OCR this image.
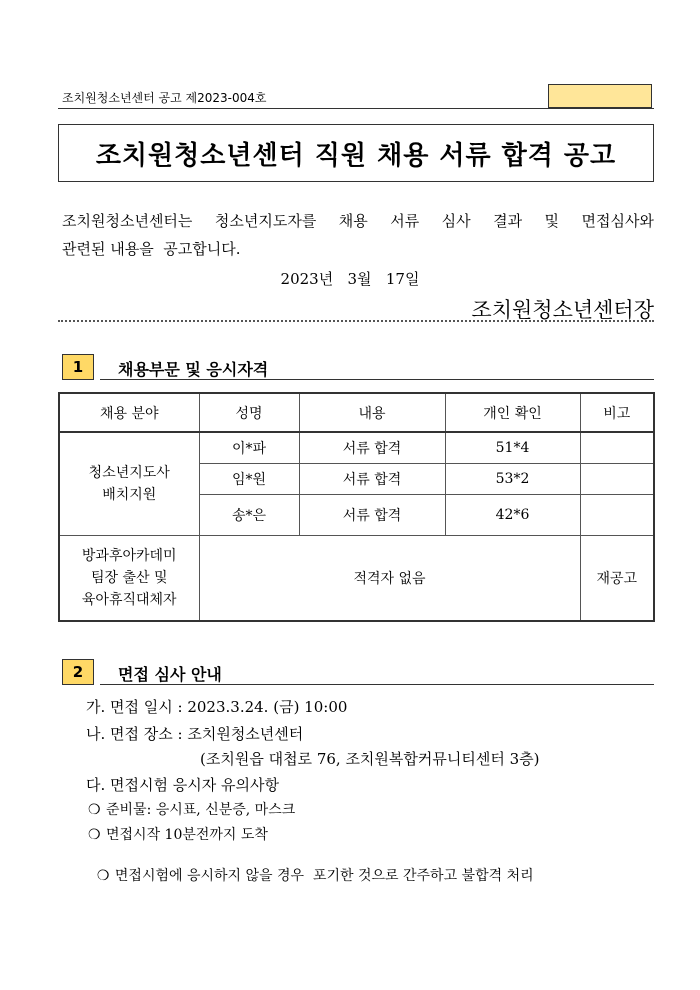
조치원청소년센터 공고 제2023-004호
조치원청소년센터 직원 채용 서류 합격 공고
조치원청소년센터는 청소년지도자를 채용 서류 심사 결과 및 면접심사와
관련된 내용을  공고합니다.
2023년   3월   17일
조치원청소년센터장
1	채용부문 및 응시자격
채용 분야	성명	내용	개인 확인	비고

청소년지도사
배치지원	이*파	서류 합격	51*4	
	임*원	서류 합격	53*2	
	송*은	서류 합격	42*6	

방과후아카데미
팀장 출산 및
육아휴직대체자	적격자 없음			재공고
2	면접 심사 안내
가. 면접 일시 : 2023.3.24. (금) 10:00
나. 면접 장소 : 조치원청소년센터
(조치원읍 대첩로 76, 조치원복합커뮤니티센터 3층)
다. 면접시험 응시자 유의사항
❍ 준비물: 응시표, 신분증, 마스크
❍ 면접시작 10분전까지 도착

❍ 면접시험에 응시하지 않을 경우  포기한 것으로 간주하고 불합격 처리
